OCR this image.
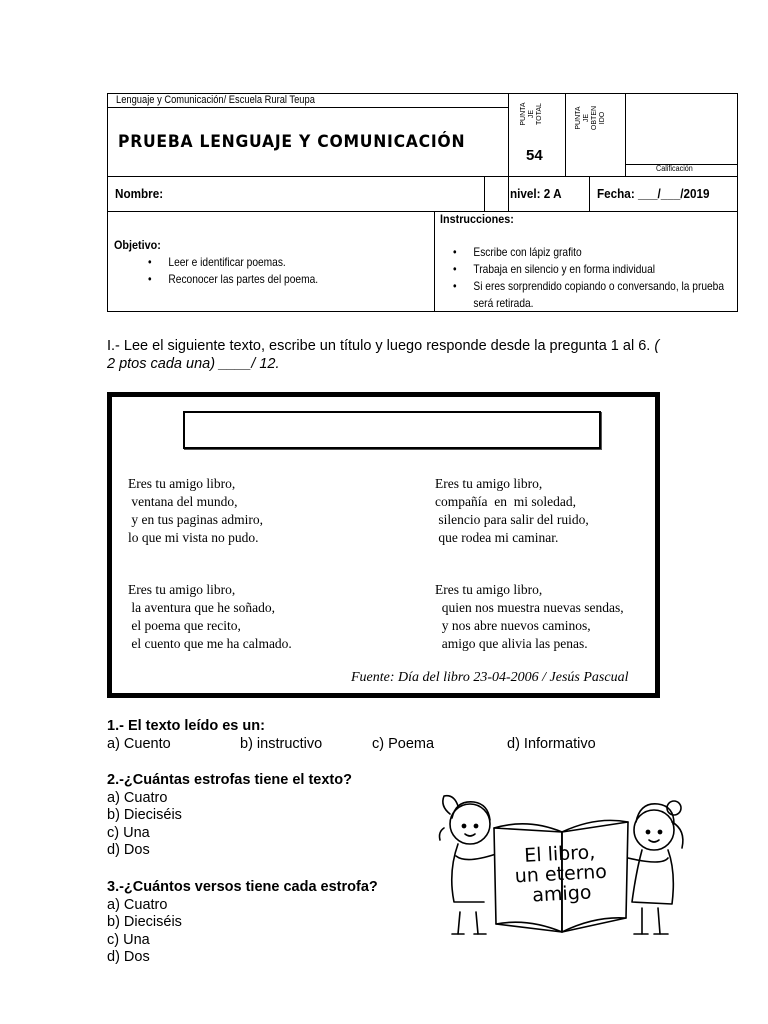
Lenguaje y Comunicación/ Escuela Rural Teupa
PRUEBA LENGUAJE Y COMUNICACIÓN
PUNTA
JE
TOTAL	PUNTA
JE
OBTEN
IDO
54
Calificación
Nombre:	nivel: 2 A	Fecha: ___/___/2019
Objetivo:
• Leer e identificar poemas.
• Reconocer las partes del poema.
Instrucciones:
• Escribe con lápiz grafito
• Trabaja en silencio y en forma individual
•	Si eres sorprendido copiando o conversando, la prueba será retirada.
I.- Lee el siguiente texto, escribe un título y luego responde desde la pregunta 1 al 6. ( 2 ptos cada una) ____/ 12.
Eres tu amigo libro,
ventana del mundo,
y en tus paginas admiro,
lo que mi vista no pudo.
Eres tu amigo libro,
compañía  en  mi soledad,
silencio para salir del ruido,
que rodea mi caminar.
Eres tu amigo libro,
la aventura que he soñado,
el poema que recito,
el cuento que me ha calmado.
Eres tu amigo libro,
quien nos muestra nuevas sendas,
y nos abre nuevos caminos,
amigo que alivia las penas.
Fuente: Día del libro 23-04-2006 / Jesús Pascual
1.- El texto leído es un:
a) Cuento	b) instructivo	c) Poema	d) Informativo
2.-¿Cuántas estrofas tiene el texto?
a) Cuatro
b) Dieciséis
c) Una
d) Dos
3.-¿Cuántos versos tiene cada estrofa?
a) Cuatro
b) Dieciséis
c) Una
d) Dos
El libro,
un eterno
amigo
